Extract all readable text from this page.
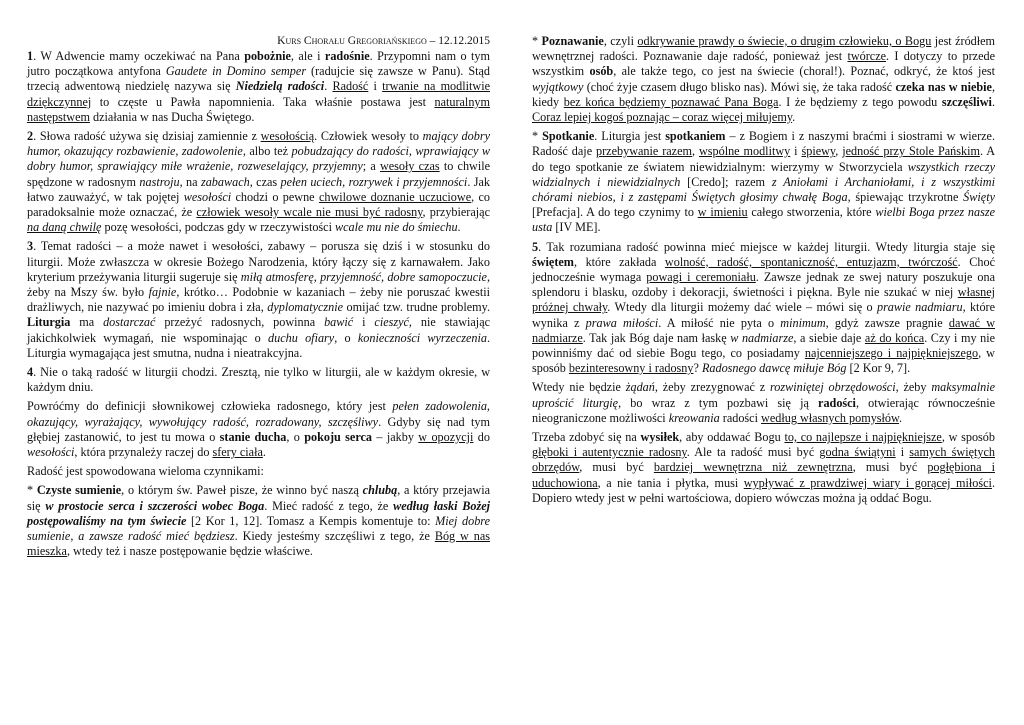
Kurs Chorału Gregoriańskiego – 12.12.2015

1. W Adwencie mamy oczekiwać na Pana pobożnie, ale i radośnie. Przypomni nam o tym jutro początkowa antyfona Gaudete in Domino semper (radujcie się zawsze w Panu). Stąd trzecią adwentową niedzielę nazywa się Niedzielą radości. Radość i trwanie na modlitwie dziękczynnej to częste u Pawła napomnienia. Taka właśnie postawa jest naturalnym następstwem działania w nas Ducha Świętego.

2. Słowa radość używa się dzisiaj zamiennie z wesołością. Człowiek wesoły to mający dobry humor, okazujący rozbawienie, zadowolenie, albo też pobudzający do radości, wprawiający w dobry humor, sprawiający miłe wrażenie, rozweselający, przyjemny; a wesoły czas to chwile spędzone w radosnym nastroju, na zabawach, czas pełen uciech, rozrywek i przyjemności. Jak łatwo zauważyć, w tak pojętej wesołości chodzi o pewne chwilowe doznanie uczuciowe, co paradoksalnie może oznaczać, że człowiek wesoły wcale nie musi być radosny, przybierając na daną chwilę pozę wesołości, podczas gdy w rzeczywistości wcale mu nie do śmiechu.

3. Temat radości – a może nawet i wesołości, zabawy – porusza się dziś i w stosunku do liturgii. Może zwłaszcza w okresie Bożego Narodzenia, który łączy się z karnawałem. Jako kryterium przeżywania liturgii sugeruje się miłą atmosferę, przyjemność, dobre samopoczucie, żeby na Mszy św. było fajnie, krótko… Podobnie w kazaniach – żeby nie poruszać kwestii drażliwych, nie nazywać po imieniu dobra i zła, dyplomatycznie omijać tzw. trudne problemy. Liturgia ma dostarczać przeżyć radosnych, powinna bawić i cieszyć, nie stawiając jakichkolwiek wymagań, nie wspominając o duchu ofiary, o konieczności wyrzeczenia. Liturgia wymagająca jest smutna, nudna i nieatrakcyjna.

4. Nie o taką radość w liturgii chodzi. Zresztą, nie tylko w liturgii, ale w każdym okresie, w każdym dniu.

Powróćmy do definicji słownikowej człowieka radosnego, który jest pełen zadowolenia, okazujący, wyrażający, wywołujący radość, rozradowany, szczęśliwy. Gdyby się nad tym głębiej zastanowić, to jest tu mowa o stanie ducha, o pokoju serca – jakby w opozycji do wesołości, która przynależy raczej do sfery ciała.

Radość jest spowodowana wieloma czynnikami:

* Czyste sumienie, o którym św. Paweł pisze, że winno być naszą chlubą, a który przejawia się w prostocie serca i szczerości wobec Boga. Mieć radość z tego, że według łaski Bożej postępowaliśmy na tym świecie [2 Kor 1, 12]. Tomasz a Kempis komentuje to: Miej dobre sumienie, a zawsze radość mieć będziesz. Kiedy jesteśmy szczęśliwi z tego, że Bóg w nas mieszka, wtedy też i nasze postępowanie będzie właściwe.

* Poznawanie, czyli odkrywanie prawdy o świecie, o drugim człowieku, o Bogu jest źródłem wewnętrznej radości. Poznawanie daje radość, ponieważ jest twórcze. I dotyczy to przede wszystkim osób, ale także tego, co jest na świecie (choral!). Poznać, odkryć, że ktoś jest wyjątkowy (choć żyje czasem długo blisko nas). Mówi się, że taka radość czeka nas w niebie, kiedy bez końca będziemy poznawać Pana Boga. I że będziemy z tego powodu szczęśliwi. Coraz lepiej kogoś poznając – coraz więcej miłujemy.

* Spotkanie. Liturgia jest spotkaniem – z Bogiem i z naszymi braćmi i siostrami w wierze. Radość daje przebywanie razem, wspólne modlitwy i śpiewy, jedność przy Stole Pańskim. A do tego spotkanie ze światem niewidzialnym: wierzymy w Stworzyciela wszystkich rzeczy widzialnych i niewidzialnych [Credo]; razem z Aniołami i Archaniołami, i z wszystkimi chórami niebios, i z zastępami Świętych głosimy chwałę Boga, śpiewając trzykrotne Święty [Prefacja]. A do tego czynimy to w imieniu całego stworzenia, które wielbi Boga przez nasze usta [IV ME].

5. Tak rozumiana radość powinna mieć miejsce w każdej liturgii. Wtedy liturgia staje się świętem, które zakłada wolność, radość, spontaniczność, entuzjazm, twórczość. Choć jednocześnie wymaga powagi i ceremoniału. Zawsze jednak ze swej natury poszukuje ona splendoru i blasku, ozdoby i dekoracji, świetności i piękna. Byle nie szukać w niej własnej próżnej chwały. Wtedy dla liturgii możemy dać wiele – mówi się o prawie nadmiaru, które wynika z prawa miłości. A miłość nie pyta o minimum, gdyż zawsze pragnie dawać w nadmiarze. Tak jak Bóg daje nam łaskę w nadmiarze, a siebie daje aż do końca. Czy i my nie powinniśmy dać od siebie Bogu tego, co posiadamy najcenniejszego i najpiękniejszego, w sposób bezinteresowny i radosny? Radosnego dawcę miłuje Bóg [2 Kor 9, 7].

Wtedy nie będzie żądań, żeby zrezygnować z rozwiniętej obrzędowości, żeby maksymalnie uprościć liturgię, bo wraz z tym pozbawi się ją radości, otwierając równocześnie nieograniczone możliwości kreowania radości według własnych pomysłów.

Trzeba zdobyć się na wysiłek, aby oddawać Bogu to, co najlepsze i najpiękniejsze, w sposób głęboki i autentycznie radosny. Ale ta radość musi być godna świątyni i samych świętych obrzędów, musi być bardziej wewnętrzna niż zewnętrzna, musi być pogłębiona i uduchowiona, a nie tania i płytka, musi wypływać z prawdziwej wiary i gorącej miłości. Dopiero wtedy jest w pełni wartościowa, dopiero wówczas można ją oddać Bogu.
